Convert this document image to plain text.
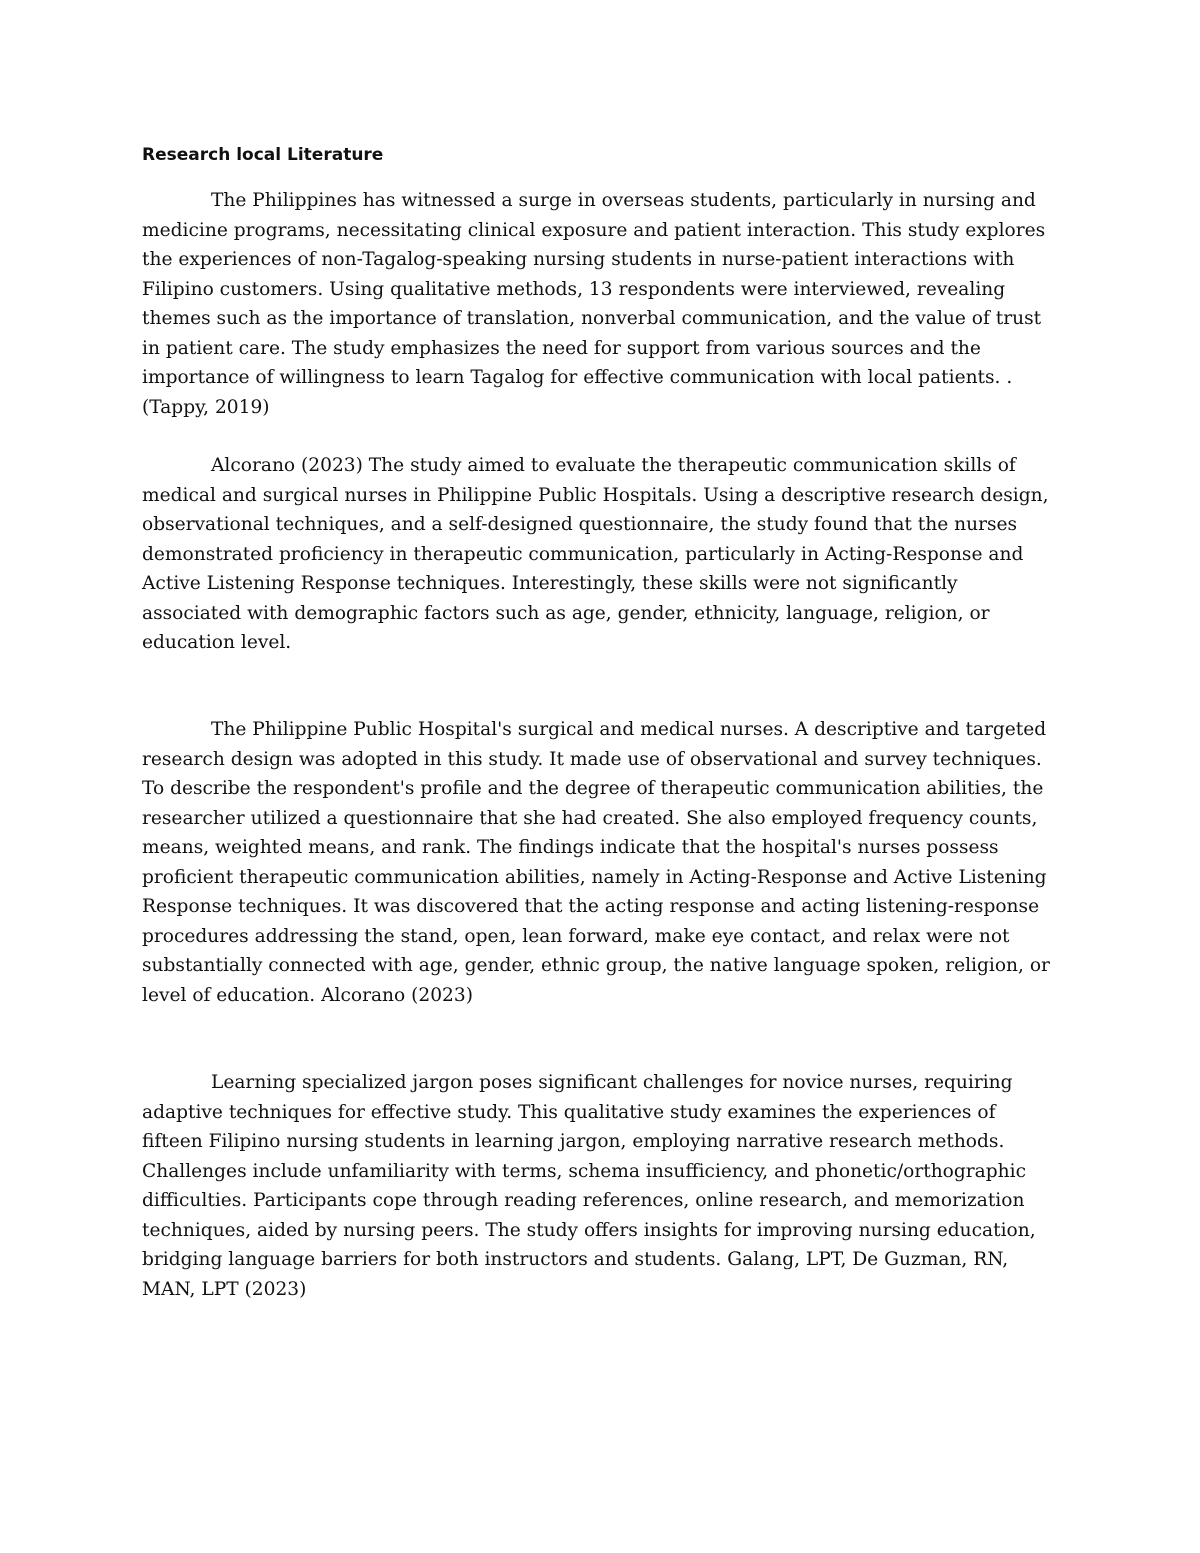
Research local Literature

The Philippines has witnessed a surge in overseas students, particularly in nursing and medicine programs, necessitating clinical exposure and patient interaction. This study explores the experiences of non-Tagalog-speaking nursing students in nurse-patient interactions with Filipino customers. Using qualitative methods, 13 respondents were interviewed, revealing themes such as the importance of translation, nonverbal communication, and the value of trust in patient care. The study emphasizes the need for support from various sources and the importance of willingness to learn Tagalog for effective communication with local patients. .(Tappy, 2019)

Alcorano (2023) The study aimed to evaluate the therapeutic communication skills of medical and surgical nurses in Philippine Public Hospitals. Using a descriptive research design, observational techniques, and a self-designed questionnaire, the study found that the nurses demonstrated proficiency in therapeutic communication, particularly in Acting-Response and Active Listening Response techniques. Interestingly, these skills were not significantly associated with demographic factors such as age, gender, ethnicity, language, religion, or education level.

The Philippine Public Hospital's surgical and medical nurses. A descriptive and targeted research design was adopted in this study. It made use of observational and survey techniques. To describe the respondent's profile and the degree of therapeutic communication abilities, the researcher utilized a questionnaire that she had created. She also employed frequency counts, means, weighted means, and rank. The findings indicate that the hospital's nurses possess proficient therapeutic communication abilities, namely in Acting-Response and Active Listening Response techniques. It was discovered that the acting response and acting listening-response procedures addressing the stand, open, lean forward, make eye contact, and relax were not substantially connected with age, gender, ethnic group, the native language spoken, religion, or level of education. Alcorano (2023)

Learning specialized jargon poses significant challenges for novice nurses, requiring adaptive techniques for effective study. This qualitative study examines the experiences of fifteen Filipino nursing students in learning jargon, employing narrative research methods. Challenges include unfamiliarity with terms, schema insufficiency, and phonetic/orthographic difficulties. Participants cope through reading references, online research, and memorization techniques, aided by nursing peers. The study offers insights for improving nursing education, bridging language barriers for both instructors and students. Galang, LPT, De Guzman, RN, MAN, LPT (2023)
